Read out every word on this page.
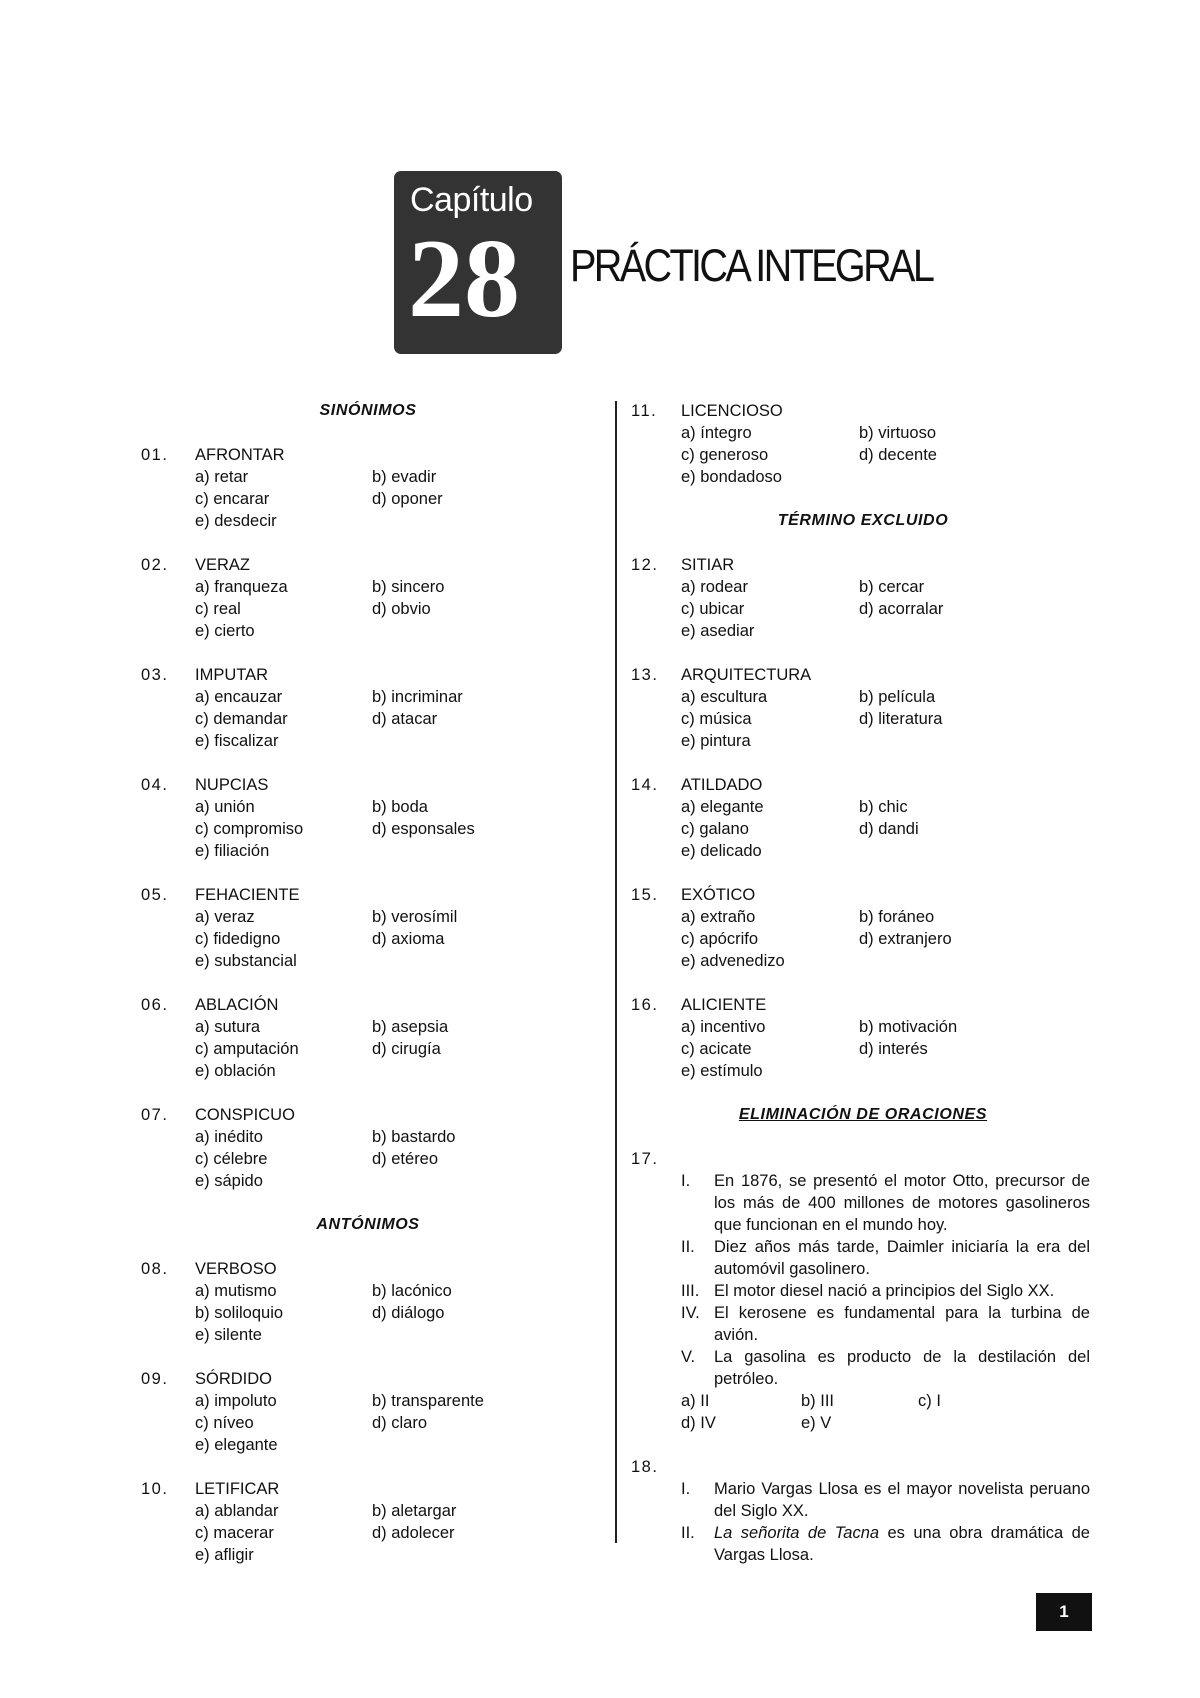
Capítulo
28 PRÁCTICA INTEGRAL
SINÓNIMOS
01. AFRONTAR
a) retar	b) evadir
c) encarar	d) oponer
e) desdecir
02. VERAZ
a) franqueza	b) sincero
c) real	d) obvio
e) cierto
03. IMPUTAR
a) encauzar	b) incriminar
c) demandar	d) atacar
e) fiscalizar
04. NUPCIAS
a) unión	b) boda
c) compromiso	d) esponsales
e) filiación
05. FEHACIENTE
a) veraz	b) verosímil
c) fidedigno	d) axioma
e) substancial
06. ABLACIÓN
a) sutura	b) asepsia
c) amputación	d) cirugía
e) oblación
07. CONSPICUO
a) inédito	b) bastardo
c) célebre	d) etéreo
e) sápido
ANTÓNIMOS
08. VERBOSO
a) mutismo	b) lacónico
b) soliloquio	d) diálogo
e) silente
09. SÓRDIDO
a) impoluto	b) transparente
c) níveo	d) claro
e) elegante
10. LETIFICAR
a) ablandar	b) aletargar
c) macerar	d) adolecer
e) afligir
11. LICENCIOSO
a) íntegro	b) virtuoso
c) generoso	d) decente
e) bondadoso
TÉRMINO EXCLUIDO
12. SITIAR
a) rodear	b) cercar
c) ubicar	d) acorralar
e) asediar
13. ARQUITECTURA
a) escultura	b) película
c) música	d) literatura
e) pintura
14. ATILDADO
a) elegante	b) chic
c) galano	d) dandi
e) delicado
15. EXÓTICO
a) extraño	b) foráneo
c) apócrifo	d) extranjero
e) advenedizo
16. ALICIENTE
a) incentivo	b) motivación
c) acicate	d) interés
e) estímulo
ELIMINACIÓN DE ORACIONES
17.
I. En 1876, se presentó el motor Otto, precursor de los más de 400 millones de motores gasolineros que funcionan en el mundo hoy.
II. Diez años más tarde, Daimler iniciaría la era del automóvil gasolinero.
III. El motor diesel nació a principios del Siglo XX.
IV. El kerosene es fundamental para la turbina de avión.
V. La gasolina es producto de la destilación del petróleo.
a) II	b) III	c) I
d) IV	e) V
18.
I. Mario Vargas Llosa es el mayor novelista peruano del Siglo XX.
II. La señorita de Tacna es una obra dramática de Vargas Llosa.
1
